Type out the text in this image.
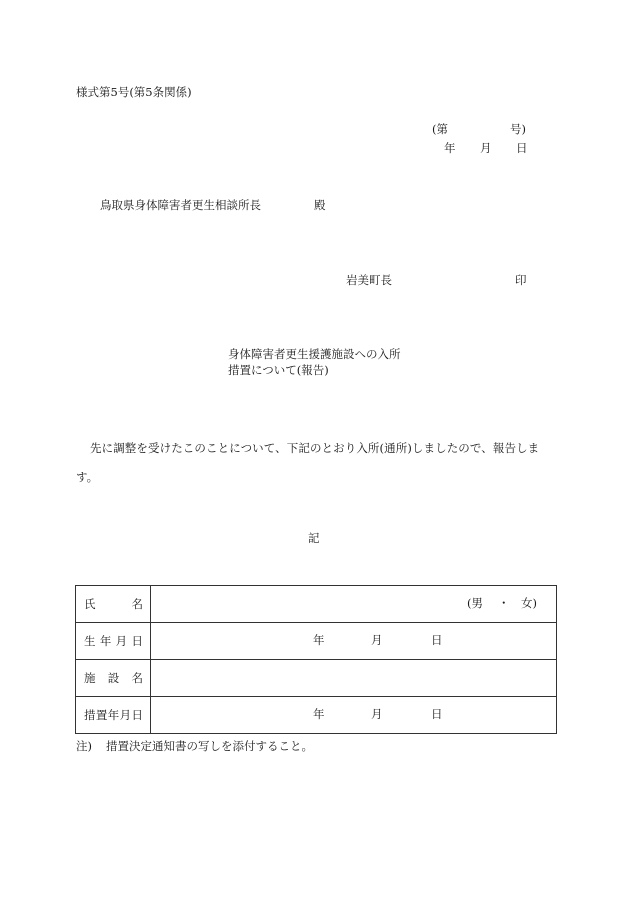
様式第5号(第5条関係)
(第	号)
年 月 日
鳥取県身体障害者更生相談所長	殿
岩美町長	印
身体障害者更生援護施設への入所
措置について(報告)
先に調整を受けたこのことについて、下記のとおり入所(通所)しましたので、報告しま
す。
記
氏 名	(男 ・ 女)

生 年 月 日	年 月 日

施 設 名	

措 置 年 月 日	年 月 日
注) 措置決定通知書の写しを添付すること。
